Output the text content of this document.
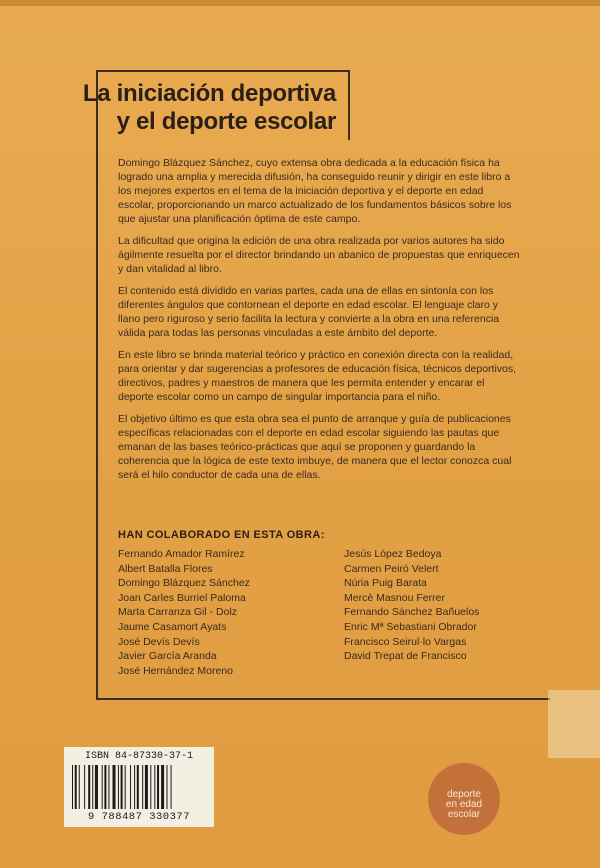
La iniciación deportiva
y el deporte escolar

Domingo Blázquez Sánchez, cuyo extensa obra dedicada a la educación física ha logrado una amplia y merecida difusión, ha conseguido reunir y dirigir en este libro a los mejores expertos en el tema de la iniciación deportiva y el deporte en edad escolar, proporcionando un marco actualizado de los fundamentos básicos sobre los que ajustar una planificación óptima de este campo.

La dificultad que origina la edición de una obra realizada por varios autores ha sido ágilmente resuelta por el director brindando un abanico de propuestas que enriquecen y dan vitalidad al libro.

El contenido está dividido en varias partes, cada una de ellas en sintonía con los diferentes ángulos que contornean el deporte en edad escolar. El lenguaje claro y llano pero riguroso y serio facilita la lectura y convierte a la obra en una referencia válida para todas las personas vinculadas a este ámbito del deporte.

En este libro se brinda material teórico y práctico en conexión directa con la realidad, para orientar y dar sugerencias a profesores de educación física, técnicos deportivos, directivos, padres y maestros de manera que les permita entender y encarar el deporte escolar como un campo de singular importancia para el niño.

El objetivo último es que esta obra sea el punto de arranque y guía de publicaciones específicas relacionadas con el deporte en edad escolar siguiendo las pautas que emanan de las bases teórico-prácticas que aquí se proponen y guardando la coherencia que la lógica de este texto imbuye, de manera que el lector conozca cual será el hilo conductor de cada una de ellas.

HAN COLABORADO EN ESTA OBRA:
Fernando Amador Ramírez
Albert Batalla Flores
Domingo Blázquez Sánchez
Joan Carles Burriel Paloma
Marta Carranza Gil - Dolz
Jaume Casamort Ayats
José Devís Devís
Javier García Aranda
José Hernández Moreno
Jesús López Bedoya
Carmen Peiró Velert
Núria Puig Barata
Mercè Masnou Ferrer
Fernando Sánchez Bañuelos
Enric Mª Sebastiani Obrador
Francisco Seirul·lo Vargas
David Trepat de Francisco
ISBN 84-87330-37-1
9 788487 330377
deporte
en edad
escolar
